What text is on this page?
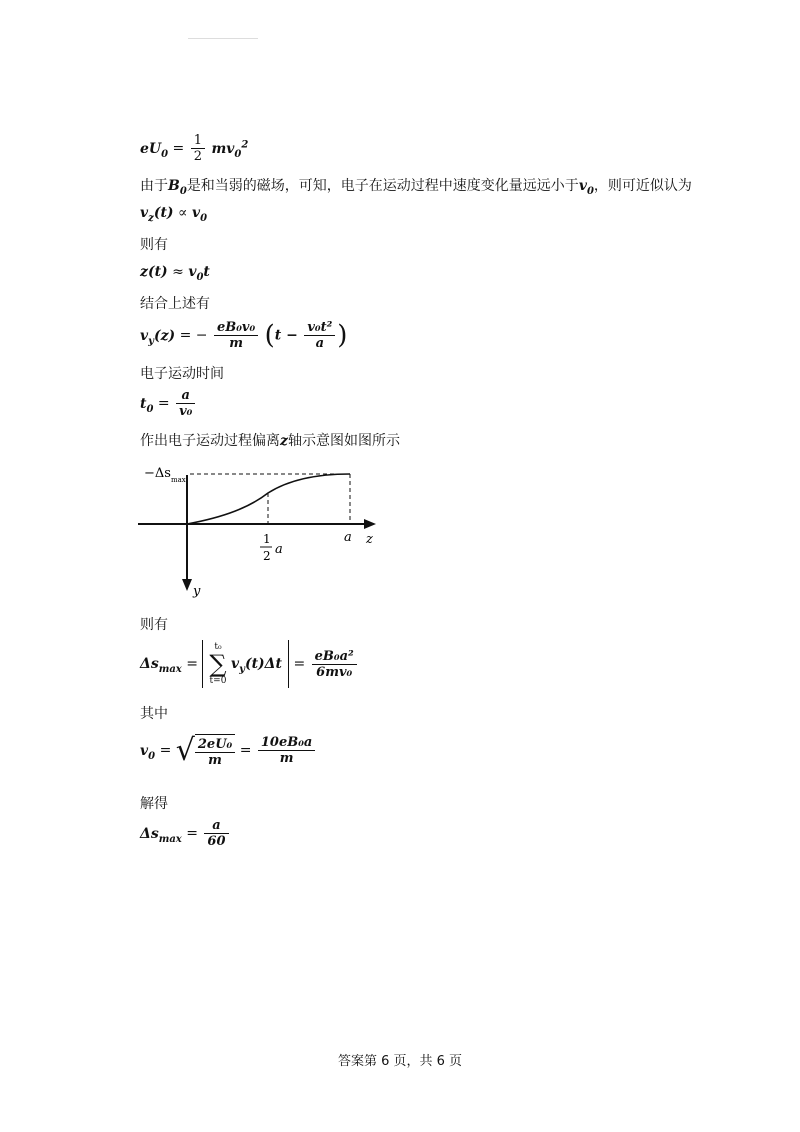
$eU_0 = \frac{1}{2} mv_0^2$
由于$B_0$是和当弱的磁场，可知，电子在运动过程中速度变化量远远小于$v_0$，则可近似认为
$v_z(t) \propto v_0$
则有
$z(t) \approx v_0t$
结合上述有
$v_y(z)$ = − $\frac{\text{eB₀v₀}}{m} (t - \frac{\text{v₀t²}}{a}$ )
电子运动时间
$t_0 = \frac{a}{\text{v₀}}$
作出电子运动过程偏离z轴示意图如图所示
$-\Delta s_{max}$
1
2 a
a z
y
则有
$\Delta s_{max}$ =
t₀
∑
t=0
$v_y(t)\Delta t = \frac{\text{eB₀a²}}{\text{6mv₀}}$
其中
$v_0$ = √ $\frac{\text{2eU₀}}{m} = \frac{\text{10eB₀a}}{m}$
解得
$\Delta s_{max} = \frac{a}{60}$
答案第 6 页，共 6 页
